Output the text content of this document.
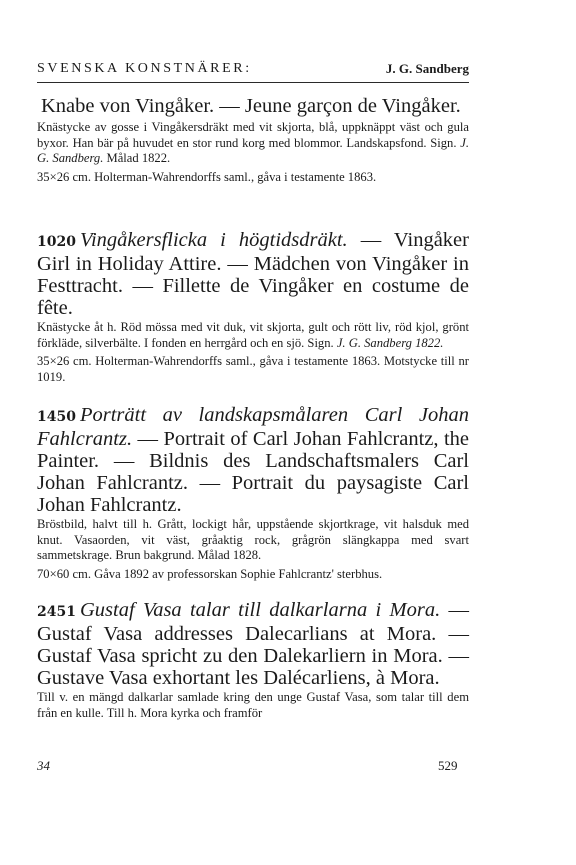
SVENSKA KONSTNÄRER:	J. G. Sandberg

Knabe von Vingåker. — Jeune garçon de Vingåker.

Knästycke av gosse i Vingåkersdräkt med vit skjorta, blå, uppknäppt väst och gula byxor. Han bär på huvudet en stor rund korg med blommor. Landskapsfond. Sign. J. G. Sandberg. Målad 1822.

35×26 cm. Holterman-Wahrendorffs saml., gåva i testamente 1863.

1020 Vingåkersflicka i högtidsdräkt. — Vingåker Girl in Holiday Attire. — Mädchen von Vingåker in Festtracht. — Fillette de Vingåker en costume de fête.

Knästycke åt h. Röd mössa med vit duk, vit skjorta, gult och rött liv, röd kjol, grönt förkläde, silverbälte. I fonden en herrgård och en sjö. Sign. J. G. Sandberg 1822.

35×26 cm. Holterman-Wahrendorffs saml., gåva i testamente 1863. Motstycke till nr 1019.

1450 Porträtt av landskapsmålaren Carl Johan Fahlcrantz. — Portrait of Carl Johan Fahlcrantz, the Painter. — Bildnis des Landschaftsmalers Carl Johan Fahlcrantz. — Portrait du paysagiste Carl Johan Fahlcrantz.

Bröstbild, halvt till h. Grått, lockigt hår, uppstående skjortkrage, vit halsduk med knut. Vasaorden, vit väst, gråaktig rock, grågrön slängkappa med svart sammetskrage. Brun bakgrund. Målad 1828.

70×60 cm. Gåva 1892 av professorskan Sophie Fahlcrantz' sterbhus.

2451 Gustaf Vasa talar till dalkarlarna i Mora. — Gustaf Vasa addresses Dalecarlians at Mora. — Gustaf Vasa spricht zu den Dalekarliern in Mora. — Gustave Vasa exhortant les Dalécarliens, à Mora.

Till v. en mängd dalkarlar samlade kring den unge Gustaf Vasa, som talar till dem från en kulle. Till h. Mora kyrka och framför

34	529
